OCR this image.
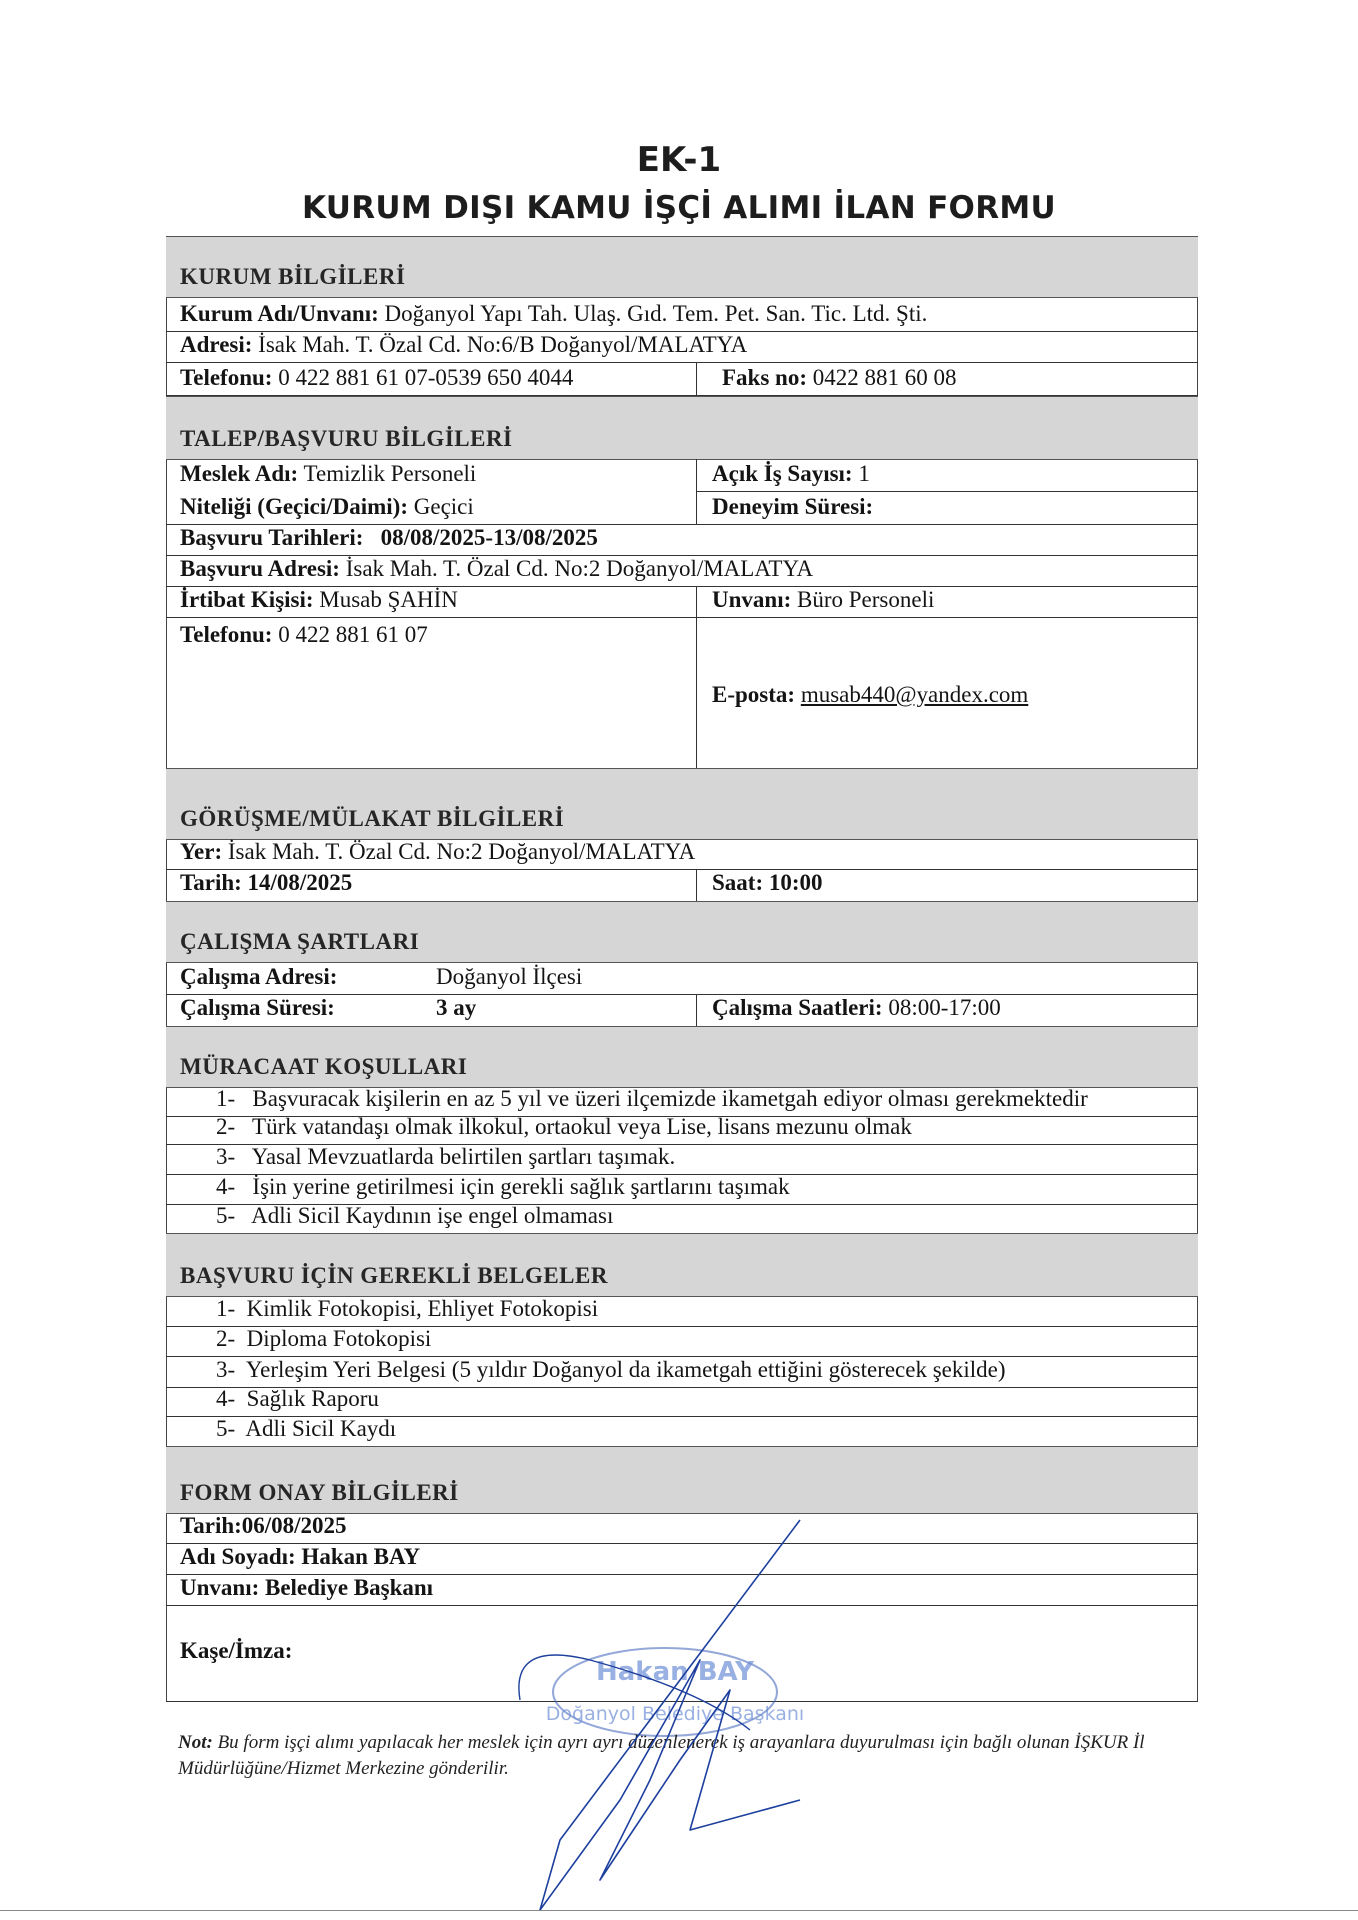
EK-1
KURUM DIŞI KAMU İŞÇİ ALIMI İLAN FORMU
KURUM BİLGİLERİ
Kurum Adı/Unvanı: Doğanyol Yapı Tah. Ulaş. Gıd. Tem. Pet. San. Tic. Ltd. Şti.
Adresi: İsak Mah. T. Özal Cd. No:6/B Doğanyol/MALATYA
Telefonu: 0 422 881 61 07-0539 650 4044	Faks no: 0422 881 60 08
TALEP/BAŞVURU BİLGİLERİ
Meslek Adı: Temizlik Personeli	Açık İş Sayısı: 1
Niteliği (Geçici/Daimi): Geçici	Deneyim Süresi:
Başvuru Tarihleri: 08/08/2025-13/08/2025
Başvuru Adresi: İsak Mah. T. Özal Cd. No:2 Doğanyol/MALATYA
İrtibat Kişisi: Musab ŞAHİN	Unvanı: Büro Personeli
Telefonu: 0 422 881 61 07
E-posta: musab440@yandex.com
GÖRÜŞME/MÜLAKAT BİLGİLERİ
Yer: İsak Mah. T. Özal Cd. No:2 Doğanyol/MALATYA
Tarih: 14/08/2025	Saat: 10:00
ÇALIŞMA ŞARTLARI
Çalışma Adresi:	Doğanyol İlçesi
Çalışma Süresi:	3 ay	Çalışma Saatleri: 08:00-17:00
MÜRACAAT KOŞULLARI
1- Başvuracak kişilerin en az 5 yıl ve üzeri ilçemizde ikametgah ediyor olması gerekmektedir
2- Türk vatandaşı olmak ilkokul, ortaokul veya Lise, lisans mezunu olmak
3- Yasal Mevzuatlarda belirtilen şartları taşımak.
4- İşin yerine getirilmesi için gerekli sağlık şartlarını taşımak
5- Adli Sicil Kaydının işe engel olmaması
BAŞVURU İÇİN GEREKLİ BELGELER
1- Kimlik Fotokopisi, Ehliyet Fotokopisi
2- Diploma Fotokopisi
3- Yerleşim Yeri Belgesi (5 yıldır Doğanyol da ikametgah ettiğini gösterecek şekilde)
4- Sağlık Raporu
5- Adli Sicil Kaydı
FORM ONAY BİLGİLERİ
Tarih:06/08/2025
Adı Soyadı: Hakan BAY
Unvanı: Belediye Başkanı
Kaşe/İmza:
Hakan BAY
Doğanyol Belediye Başkanı
Not: Bu form işçi alımı yapılacak her meslek için ayrı ayrı düzenlenerek iş arayanlara duyurulması için bağlı olunan İŞKUR İl Müdürlüğüne/Hizmet Merkezine gönderilir.
